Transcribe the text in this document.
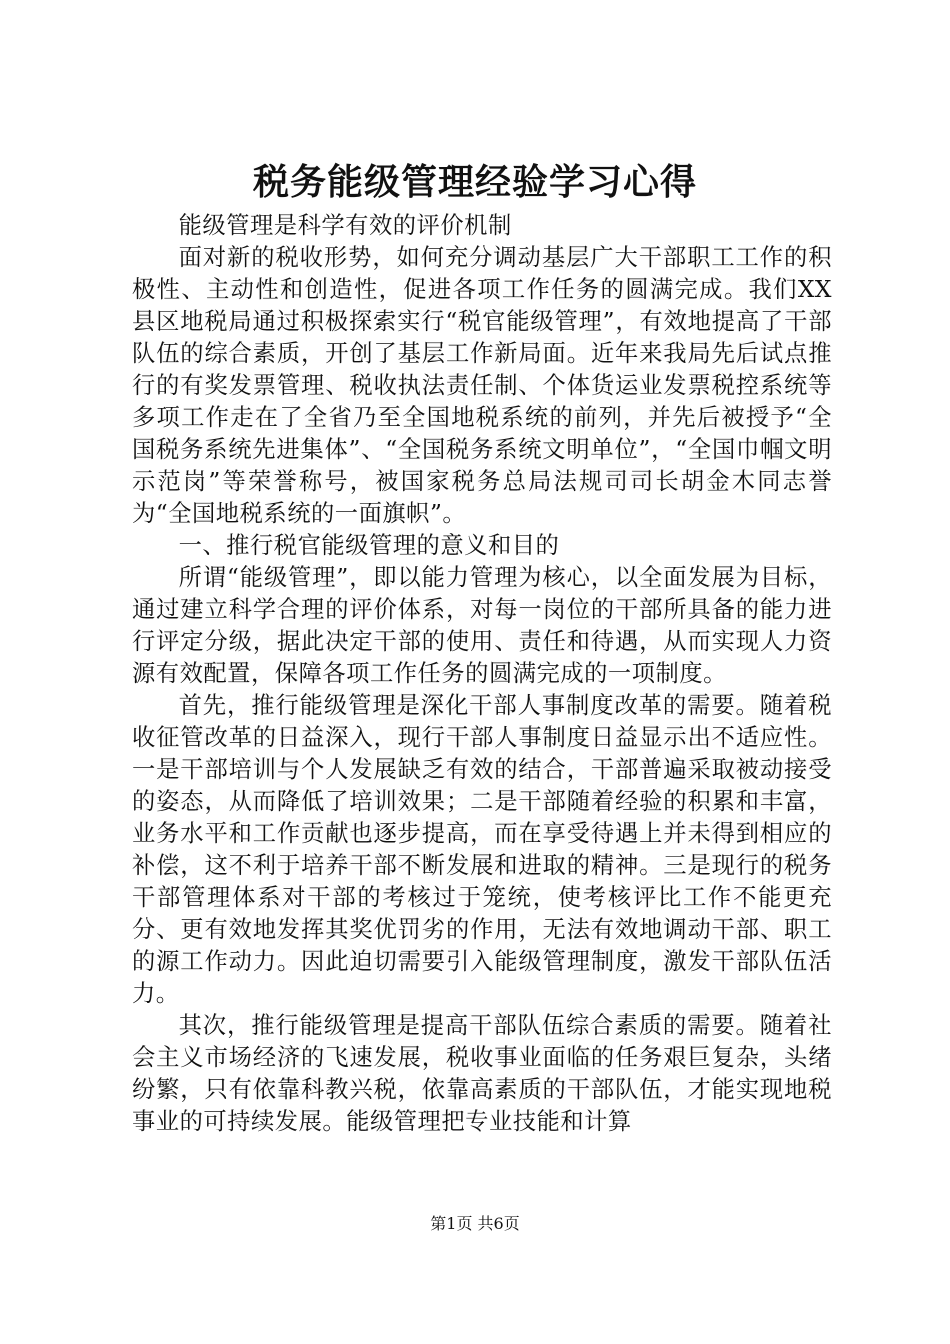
税务能级管理经验学习心得

能级管理是科学有效的评价机制

面对新的税收形势，如何充分调动基层广大干部职工工作的积极性、主动性和创造性，促进各项工作任务的圆满完成。我们XX县区地税局通过积极探索实行“税官能级管理”，有效地提高了干部队伍的综合素质，开创了基层工作新局面。近年来我局先后试点推行的有奖发票管理、税收执法责任制、个体货运业发票税控系统等多项工作走在了全省乃至全国地税系统的前列，并先后被授予“全国税务系统先进集体”、“全国税务系统文明单位”，“全国巾帼文明示范岗”等荣誉称号，被国家税务总局法规司司长胡金木同志誉为“全国地税系统的一面旗帜”。

一、推行税官能级管理的意义和目的

所谓“能级管理”，即以能力管理为核心，以全面发展为目标，通过建立科学合理的评价体系，对每一岗位的干部所具备的能力进行评定分级，据此决定干部的使用、责任和待遇，从而实现人力资源有效配置，保障各项工作任务的圆满完成的一项制度。

首先，推行能级管理是深化干部人事制度改革的需要。随着税收征管改革的日益深入，现行干部人事制度日益显示出不适应性。一是干部培训与个人发展缺乏有效的结合，干部普遍采取被动接受的姿态，从而降低了培训效果；二是干部随着经验的积累和丰富，业务水平和工作贡献也逐步提高，而在享受待遇上并未得到相应的补偿，这不利于培养干部不断发展和进取的精神。三是现行的税务干部管理体系对干部的考核过于笼统，使考核评比工作不能更充分、更有效地发挥其奖优罚劣的作用，无法有效地调动干部、职工的源工作动力。因此迫切需要引入能级管理制度，激发干部队伍活力。

其次，推行能级管理是提高干部队伍综合素质的需要。随着社会主义市场经济的飞速发展，税收事业面临的任务艰巨复杂，头绪纷繁，只有依靠科教兴税，依靠高素质的干部队伍，才能实现地税事业的可持续发展。能级管理把专业技能和计算

第1页 共6页
